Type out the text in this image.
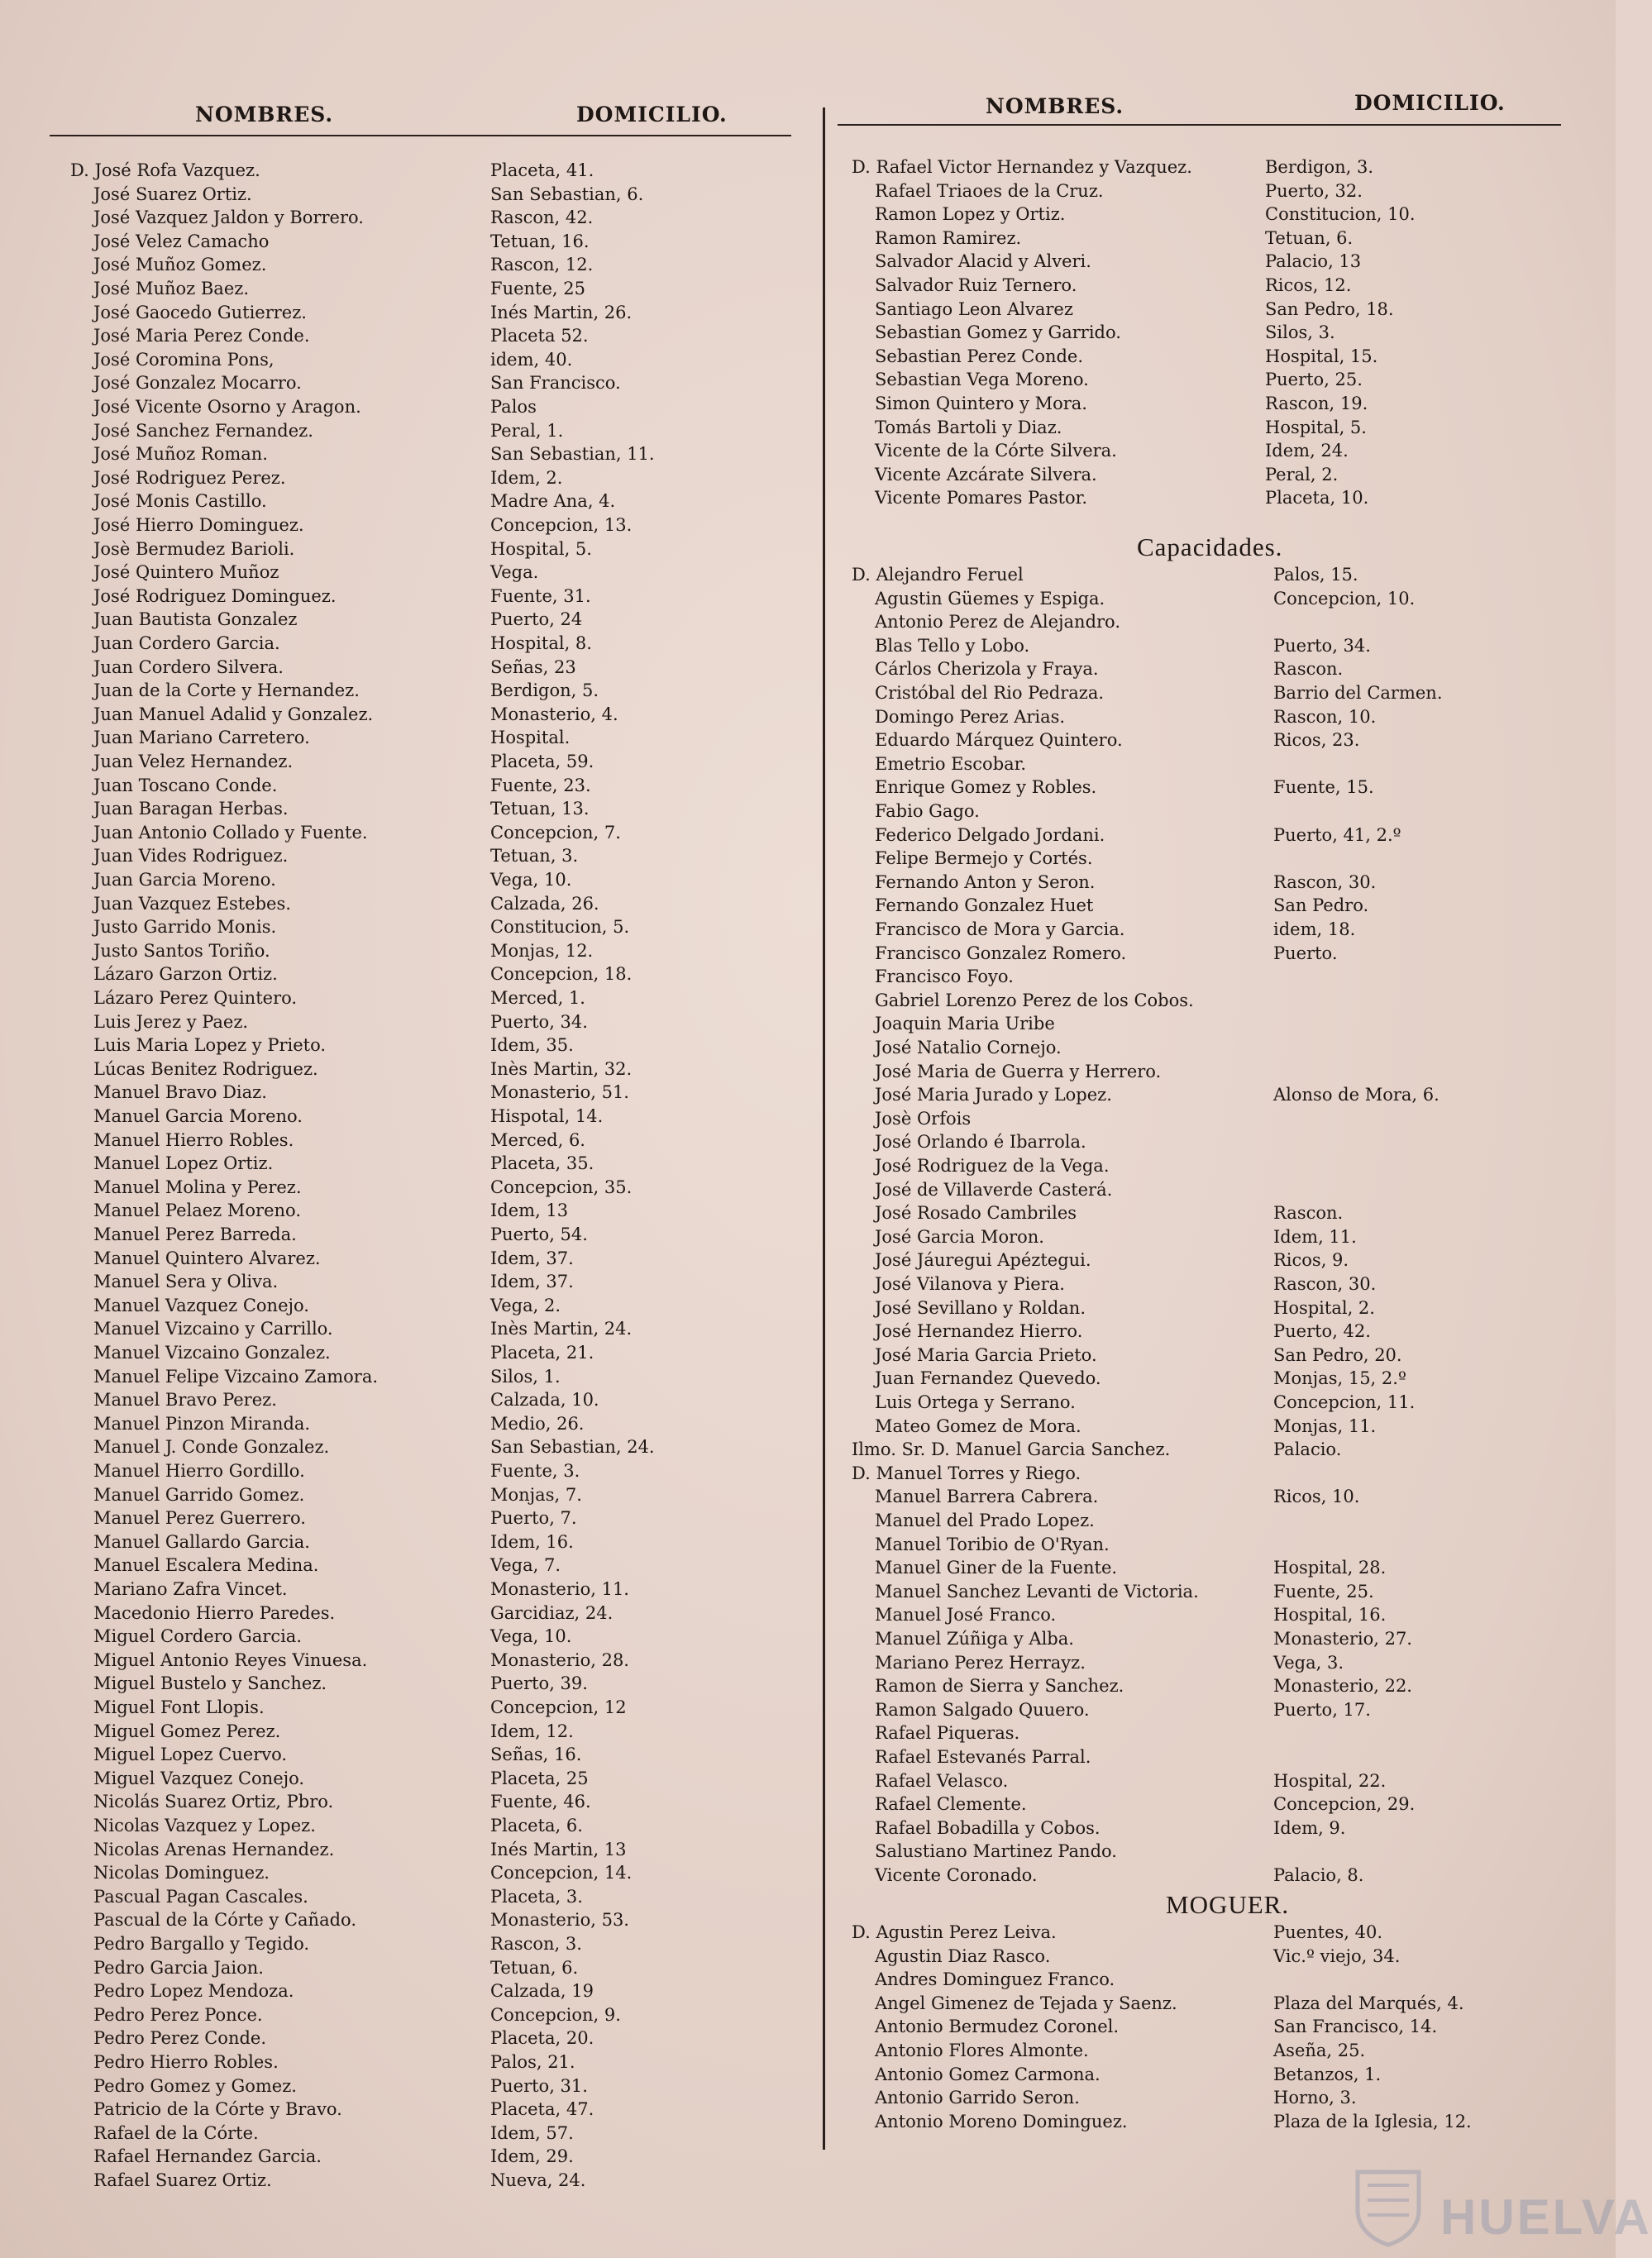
NOMBRES.	DOMICILIO.	NOMBRES.	DOMICILIO.
D. José Rofa Vazquez.	Placeta, 41.
José Suarez Ortiz.	San Sebastian, 6.
José Vazquez Jaldon y Borrero.	Rascon, 42.
José Velez Camacho	Tetuan, 16.
José Muñoz Gomez.	Rascon, 12.
José Muñoz Baez.	Fuente, 25
José Gaocedo Gutierrez.	Inés Martin, 26.
José Maria Perez Conde.	Placeta 52.
José Coromina Pons,	idem, 40.
José Gonzalez Mocarro.	San Francisco.
José Vicente Osorno y Aragon.	Palos
José Sanchez Fernandez.	Peral, 1.
José Muñoz Roman.	San Sebastian, 11.
José Rodriguez Perez.	Idem, 2.
José Monis Castillo.	Madre Ana, 4.
José Hierro Dominguez.	Concepcion, 13.
Josè Bermudez Barioli.	Hospital, 5.
José Quintero Muñoz	Vega.
José Rodriguez Dominguez.	Fuente, 31.
Juan Bautista Gonzalez	Puerto, 24
Juan Cordero Garcia.	Hospital, 8.
Juan Cordero Silvera.	Señas, 23
Juan de la Corte y Hernandez.	Berdigon, 5.
Juan Manuel Adalid y Gonzalez.	Monasterio, 4.
Juan Mariano Carretero.	Hospital.
Juan Velez Hernandez.	Placeta, 59.
Juan Toscano Conde.	Fuente, 23.
Juan Baragan Herbas.	Tetuan, 13.
Juan Antonio Collado y Fuente.	Concepcion, 7.
Juan Vides Rodriguez.	Tetuan, 3.
Juan Garcia Moreno.	Vega, 10.
Juan Vazquez Estebes.	Calzada, 26.
Justo Garrido Monis.	Constitucion, 5.
Justo Santos Toriño.	Monjas, 12.
Lázaro Garzon Ortiz.	Concepcion, 18.
Lázaro Perez Quintero.	Merced, 1.
Luis Jerez y Paez.	Puerto, 34.
Luis Maria Lopez y Prieto.	Idem, 35.
Lúcas Benitez Rodriguez.	Inès Martin, 32.
Manuel Bravo Diaz.	Monasterio, 51.
Manuel Garcia Moreno.	Hispotal, 14.
Manuel Hierro Robles.	Merced, 6.
Manuel Lopez Ortiz.	Placeta, 35.
Manuel Molina y Perez.	Concepcion, 35.
Manuel Pelaez Moreno.	Idem, 13
Manuel Perez Barreda.	Puerto, 54.
Manuel Quintero Alvarez.	Idem, 37.
Manuel Sera y Oliva.	Idem, 37.
Manuel Vazquez Conejo.	Vega, 2.
Manuel Vizcaino y Carrillo.	Inès Martin, 24.
Manuel Vizcaino Gonzalez.	Placeta, 21.
Manuel Felipe Vizcaino Zamora.	Silos, 1.
Manuel Bravo Perez.	Calzada, 10.
Manuel Pinzon Miranda.	Medio, 26.
Manuel J. Conde Gonzalez.	San Sebastian, 24.
Manuel Hierro Gordillo.	Fuente, 3.
Manuel Garrido Gomez.	Monjas, 7.
Manuel Perez Guerrero.	Puerto, 7.
Manuel Gallardo Garcia.	Idem, 16.
Manuel Escalera Medina.	Vega, 7.
Mariano Zafra Vincet.	Monasterio, 11.
Macedonio Hierro Paredes.	Garcidiaz, 24.
Miguel Cordero Garcia.	Vega, 10.
Miguel Antonio Reyes Vinuesa.	Monasterio, 28.
Miguel Bustelo y Sanchez.	Puerto, 39.
Miguel Font Llopis.	Concepcion, 12
Miguel Gomez Perez.	Idem, 12.
Miguel Lopez Cuervo.	Señas, 16.
Miguel Vazquez Conejo.	Placeta, 25
Nicolás Suarez Ortiz, Pbro.	Fuente, 46.
Nicolas Vazquez y Lopez.	Placeta, 6.
Nicolas Arenas Hernandez.	Inés Martin, 13
Nicolas Dominguez.	Concepcion, 14.
Pascual Pagan Cascales.	Placeta, 3.
Pascual de la Córte y Cañado.	Monasterio, 53.
Pedro Bargallo y Tegido.	Rascon, 3.
Pedro Garcia Jaion.	Tetuan, 6.
Pedro Lopez Mendoza.	Calzada, 19
Pedro Perez Ponce.	Concepcion, 9.
Pedro Perez Conde.	Placeta, 20.
Pedro Hierro Robles.	Palos, 21.
Pedro Gomez y Gomez.	Puerto, 31.
Patricio de la Córte y Bravo.	Placeta, 47.
Rafael de la Córte.	Idem, 57.
Rafael Hernandez Garcia.	Idem, 29.
Rafael Suarez Ortiz.	Nueva, 24.
D. Rafael Victor Hernandez y Vazquez.	Berdigon, 3.
Rafael Triaoes de la Cruz.	Puerto, 32.
Ramon Lopez y Ortiz.	Constitucion, 10.
Ramon Ramirez.	Tetuan, 6.
Salvador Alacid y Alveri.	Palacio, 13
Salvador Ruiz Ternero.	Ricos, 12.
Santiago Leon Alvarez	San Pedro, 18.
Sebastian Gomez y Garrido.	Silos, 3.
Sebastian Perez Conde.	Hospital, 15.
Sebastian Vega Moreno.	Puerto, 25.
Simon Quintero y Mora.	Rascon, 19.
Tomás Bartoli y Diaz.	Hospital, 5.
Vicente de la Córte Silvera.	Idem, 24.
Vicente Azcárate Silvera.	Peral, 2.
Vicente Pomares Pastor.	Placeta, 10.
Capacidades.
D. Alejandro Feruel	Palos, 15.
Agustin Güemes y Espiga.	Concepcion, 10.
Antonio Perez de Alejandro.
Blas Tello y Lobo.	Puerto, 34.
Cárlos Cherizola y Fraya.	Rascon.
Cristóbal del Rio Pedraza.	Barrio del Carmen.
Domingo Perez Arias.	Rascon, 10.
Eduardo Márquez Quintero.	Ricos, 23.
Emetrio Escobar.
Enrique Gomez y Robles.	Fuente, 15.
Fabio Gago.
Federico Delgado Jordani.	Puerto, 41, 2.º
Felipe Bermejo y Cortés.
Fernando Anton y Seron.	Rascon, 30.
Fernando Gonzalez Huet	San Pedro.
Francisco de Mora y Garcia.	idem, 18.
Francisco Gonzalez Romero.	Puerto.
Francisco Foyo.
Gabriel Lorenzo Perez de los Cobos.
Joaquin Maria Uribe
José Natalio Cornejo.
José Maria de Guerra y Herrero.
José Maria Jurado y Lopez.	Alonso de Mora, 6.
Josè Orfois
José Orlando é Ibarrola.
José Rodriguez de la Vega.
José de Villaverde Casterá.
José Rosado Cambriles	Rascon.
José Garcia Moron.	Idem, 11.
José Jáuregui Apéztegui.	Ricos, 9.
José Vilanova y Piera.	Rascon, 30.
José Sevillano y Roldan.	Hospital, 2.
José Hernandez Hierro.	Puerto, 42.
José Maria Garcia Prieto.	San Pedro, 20.
Juan Fernandez Quevedo.	Monjas, 15, 2.º
Luis Ortega y Serrano.	Concepcion, 11.
Mateo Gomez de Mora.	Monjas, 11.
Ilmo. Sr. D. Manuel Garcia Sanchez.	Palacio.
D. Manuel Torres y Riego.
Manuel Barrera Cabrera.	Ricos, 10.
Manuel del Prado Lopez.
Manuel Toribio de O'Ryan.
Manuel Giner de la Fuente.	Hospital, 28.
Manuel Sanchez Levanti de Victoria.	Fuente, 25.
Manuel José Franco.	Hospital, 16.
Manuel Zúñiga y Alba.	Monasterio, 27.
Mariano Perez Herrayz.	Vega, 3.
Ramon de Sierra y Sanchez.	Monasterio, 22.
Ramon Salgado Quuero.	Puerto, 17.
Rafael Piqueras.
Rafael Estevanés Parral.
Rafael Velasco.	Hospital, 22.
Rafael Clemente.	Concepcion, 29.
Rafael Bobadilla y Cobos.	Idem, 9.
Salustiano Martinez Pando.
Vicente Coronado.	Palacio, 8.
MOGUER.
D. Agustin Perez Leiva.	Puentes, 40.
Agustin Diaz Rasco.	Vic.º viejo, 34.
Andres Dominguez Franco.
Angel Gimenez de Tejada y Saenz.	Plaza del Marqués, 4.
Antonio Bermudez Coronel.	San Francisco, 14.
Antonio Flores Almonte.	Aseña, 25.
Antonio Gomez Carmona.	Betanzos, 1.
Antonio Garrido Seron.	Horno, 3.
Antonio Moreno Dominguez.	Plaza de la Iglesia, 12.
HUELVA
